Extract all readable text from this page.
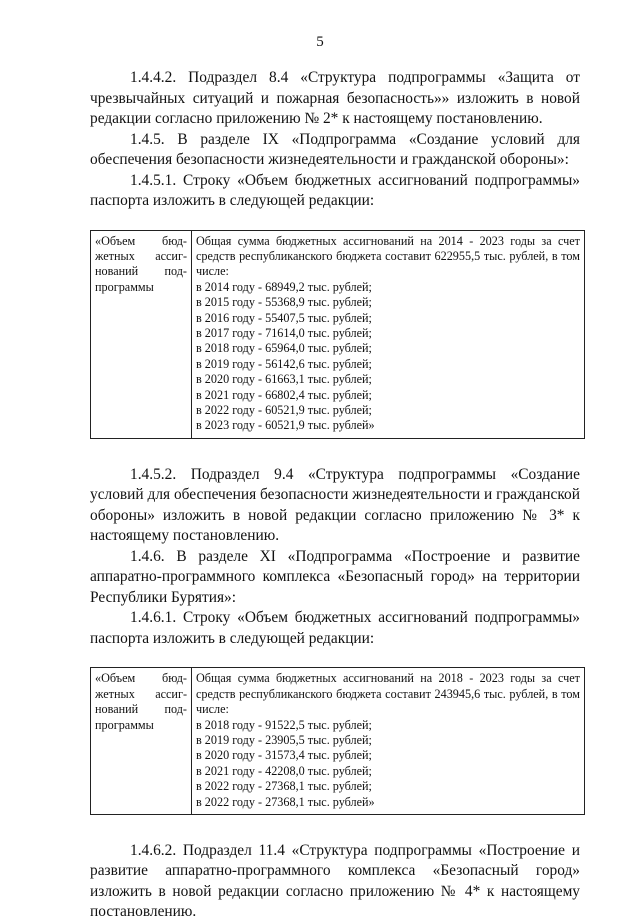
5

1.4.4.2. Подраздел 8.4 «Структура подпрограммы «Защита от чрезвычайных ситуаций и пожарная безопасность»» изложить в новой редакции согласно приложению № 2* к настоящему постановлению.

1.4.5. В разделе IX «Подпрограмма «Создание условий для обеспечения безопасности жизнедеятельности и гражданской обороны»:

1.4.5.1. Строку «Объем бюджетных ассигнований подпрограммы» паспорта изложить в следующей редакции:

«Объем бюд-
жетных ассиг-
нований под-
программы
	Общая сумма бюджетных ассигнований на 2014 - 2023 годы за счет средств республиканского бюджета составит 622955,5 тыс. рублей, в том числе:
в 2014 году - 68949,2 тыс. рублей;
в 2015 году - 55368,9 тыс. рублей;
в 2016 году - 55407,5 тыс. рублей;
в 2017 году - 71614,0 тыс. рублей;
в 2018 году - 65964,0 тыс. рублей;
в 2019 году - 56142,6 тыс. рублей;
в 2020 году - 61663,1 тыс. рублей;
в 2021 году - 66802,4 тыс. рублей;
в 2022 году - 60521,9 тыс. рублей;
в 2023 году - 60521,9 тыс. рублей»

1.4.5.2. Подраздел 9.4 «Структура подпрограммы «Создание условий для обеспечения безопасности жизнедеятельности и гражданской обороны» изложить в новой редакции согласно приложению № 3* к настоящему постановлению.

1.4.6. В разделе XI «Подпрограмма «Построение и развитие аппаратно-программного комплекса «Безопасный город» на территории Республики Бурятия»:

1.4.6.1. Строку «Объем бюджетных ассигнований подпрограммы» паспорта изложить в следующей редакции:

«Объем бюд-
жетных ассиг-
нований под-
программы
	Общая сумма бюджетных ассигнований на 2018 - 2023 годы за счет средств республиканского бюджета составит 243945,6 тыс. рублей, в том числе:
в 2018 году - 91522,5 тыс. рублей;
в 2019 году - 23905,5 тыс. рублей;
в 2020 году - 31573,4 тыс. рублей;
в 2021 году - 42208,0 тыс. рублей;
в 2022 году - 27368,1 тыс. рублей;
в 2022 году - 27368,1 тыс. рублей»

1.4.6.2. Подраздел 11.4 «Структура подпрограммы «Построение и развитие аппаратно-программного комплекса «Безопасный город» изложить в новой редакции согласно приложению № 4* к настоящему постановлению.
